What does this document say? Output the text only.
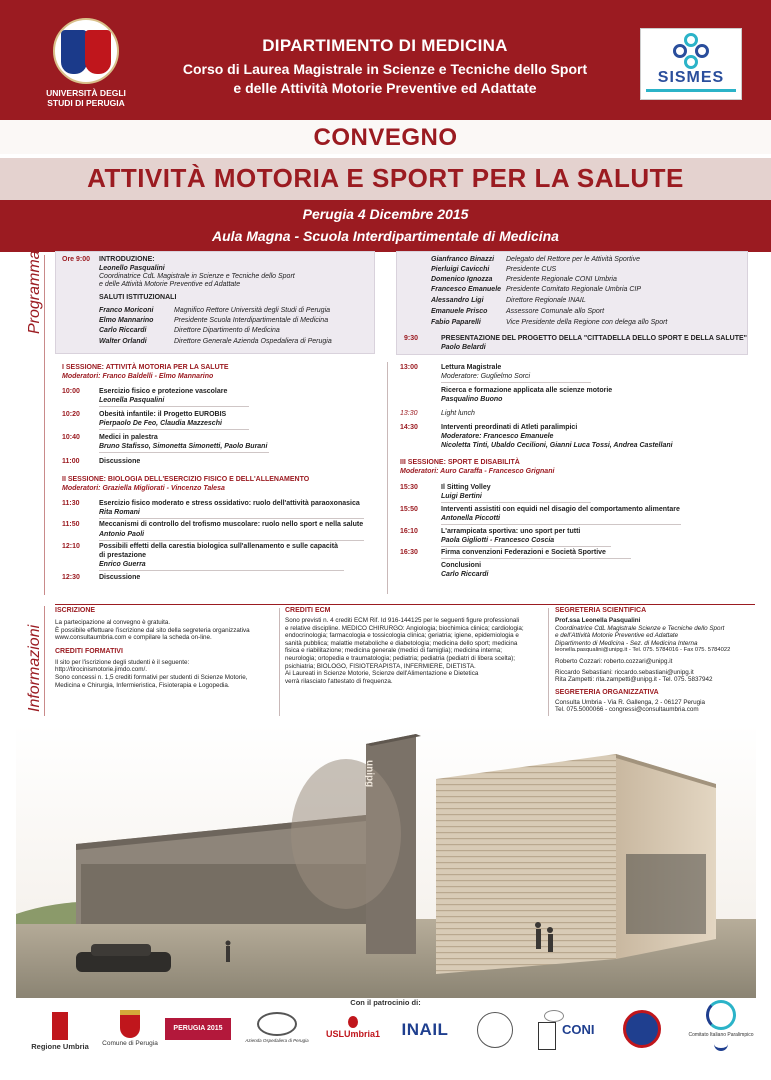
UNIVERSITÀ DEGLI STUDI DI PERUGIA
DIPARTIMENTO DI MEDICINA
Corso di Laurea Magistrale in Scienze e Tecniche dello Sport
e delle Attività Motorie Preventive ed Adattate
SISMES
CONVEGNO
ATTIVITÀ MOTORIA E SPORT PER LA SALUTE
Perugia 4 Dicembre 2015
Aula Magna - Scuola Interdipartimentale di Medicina
Programma
Informazioni
Ore 9:00 INTRODUZIONE:
Leonello Pasqualini
Coordinatrice CdL Magistrale in Scienze e Tecniche dello Sport
e delle Attività Motorie Preventive ed Adattate
SALUTI ISTITUZIONALI
Franco Moriconi	Magnifico Rettore Università degli Studi di Perugia
Elmo Mannarino	Presidente Scuola Interdipartimentale di Medicina
Carlo Riccardi	Direttore Dipartimento di Medicina
Walter Orlandi	Direttore Generale Azienda Ospedaliera di Perugia
Gianfranco Binazzi Delegato del Rettore per le Attività Sportive
Pierluigi Cavicchi Presidente CUS
Domenico Ignozza Presidente Regionale CONI Umbria
Francesco Emanuele Presidente Comitato Regionale Umbria CIP
Alessandro Ligi	Direttore Regionale INAIL
Emanuele Prisco	Assessore Comunale allo Sport
Fabio Paparelli	Vice Presidente della Regione con delega allo Sport
9:30	PRESENTAZIONE DEL PROGETTO DELLA "CITTADELLA DELLO SPORT E DELLA SALUTE"
Paolo Belardi
I SESSIONE: ATTIVITÀ MOTORIA PER LA SALUTE
Moderatori: Franco Baldelli - Elmo Mannarino
10:00	Esercizio fisico e protezione vascolare
Leonella Pasqualini
10:20	Obesità infantile: il Progetto EUROBIS
Pierpaolo De Feo, Claudia Mazzeschi
10:40	Medici in palestra
Bruno Stafisso, Simonetta Simonetti, Paolo Burani
11:00	Discussione
II SESSIONE: BIOLOGIA DELL'ESERCIZIO FISICO E DELL'ALLENAMENTO
Moderatori: Graziella Migliorati - Vincenzo Talesa
11:30	Esercizio fisico moderato e stress ossidativo: ruolo dell'attività paraoxonasica
Rita Romani
11:50	Meccanismi di controllo del trofismo muscolare: ruolo nello sport e nella salute
Antonio Paoli
12:10	Possibili effetti della carestia biologica sull'allenamento e sulle capacità
di prestazione
Enrico Guerra
12:30	Discussione
13:00	Lettura Magistrale
Moderatore: Guglielmo Sorci
Ricerca e formazione applicata alle scienze motorie
Pasqualino Buono
13:30	Light lunch
14:30	Interventi preordinati di Atleti paralimpici
Moderatore: Francesco Emanuele
Nicoletta Tinti, Ubaldo Cecilioni, Gianni Luca Tossi, Andrea Castellani
III SESSIONE: SPORT E DISABILITÀ
Moderatori: Auro Caraffa - Francesco Grignani
15:30	Il Sitting Volley
Luigi Bertini
15:50	Interventi assistiti con equidi nel disagio del comportamento alimentare
Antonella Piccotti
16:10	L'arrampicata sportiva: uno sport per tutti
Paola Gigliotti - Francesco Coscia
16:30	Firma convenzioni Federazioni e Società Sportive
Conclusioni
Carlo Riccardi
ISCRIZIONE
La partecipazione al convegno è gratuita.
È possibile effettuare l'iscrizione dal sito della segreteria organizzativa
www.consultaumbria.com e compilare la scheda on-line.
CREDITI FORMATIVI
Il sito per l'iscrizione degli studenti è il seguente:
http://tirocinismotorie.jimdo.com/.
Sono concessi n. 1,5 crediti formativi per studenti di Scienze Motorie,
Medicina e Chirurgia, Infermieristica, Fisioterapia e Logopedia.
CREDITI ECM
Sono previsti n. 4 crediti ECM Rif. Id 916-144125 per le seguenti figure professionali
e relative discipline. MEDICO CHIRURGO: Angiologia; biochimica clinica; cardiologia;
endocrinologia; farmacologia e tossicologia clinica; geriatria; igiene, epidemiologia e
sanità pubblica; malattie metaboliche e diabetologia; medicina dello sport; medicina
fisica e riabilitazione; medicina generale (medici di famiglia); medicina interna;
neurologia; ortopedia e traumatologia; pediatria; pediatria (pediatri di libera scelta);
psichiatria; BIOLOGO, FISIOTERAPISTA, INFERMIERE, DIETISTA.
Ai Laureati in Scienze Motorie, Scienze dell'Alimentazione e Dietetica
verrà rilasciato l'attestato di frequenza.
SEGRETERIA SCIENTIFICA
Prof.ssa Leonella Pasqualini
Coordinatrice CdL Magistrale Scienze e Tecniche dello Sport
e dell'Attività Motorie Preventive ed Adattate
Dipartimento di Medicina - Sez. di Medicina Interna
leonella.pasqualini@unipg.it - Tel. 075. 5784016 - Fax 075. 5784022
Roberto Cozzari: roberto.cozzari@unipg.it
Riccardo Sebastiani: riccardo.sebastiani@unipg.it
Rita Zampetti: rita.zampetti@unipg.it - Tel. 075. 5837942
SEGRETERIA ORGANIZZATIVA
Consulta Umbria - Via R. Gallenga, 2 - 06127 Perugia
Tel. 075.5000066 - congressi@consultaumbria.com
unipg
Con il patrocinio di:
Regione Umbria	Comune di Perugia
PERUGIA 2015
Azienda Ospedaliera di Perugia
USLUmbria1	INAIL	CONI	Comitato Italiano Paralimpico
